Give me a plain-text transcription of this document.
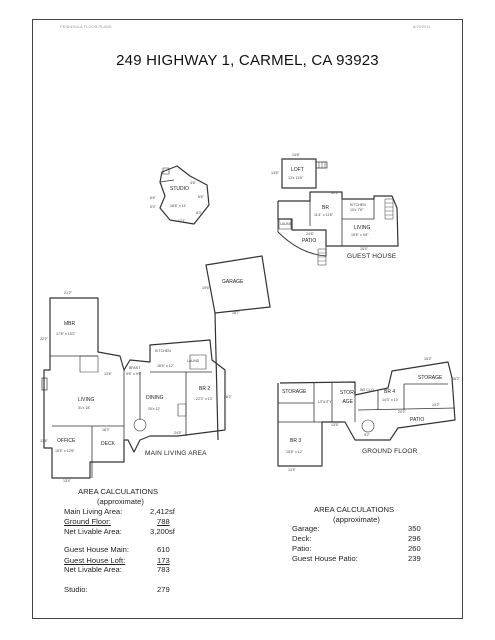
PENINSULA FLOOR PLANS	6/15/2011
249 HIGHWAY 1, CARMEL, CA 93923
STUDIO
18'8" x 11'
6'6"
5'0"
12'1"
8'3"
6'6"
4'6"
LOFT
13'x 14'6"
13'8"
13'6"
41'2"
BR
11'4" x 11'6"
KITCHEN
10'x 7'6"
LIVING
15'6" x 9'8"
PATIO
24'8"
LAUND
15'4"
GUEST HOUSE
GARAGE
19'6"
18'7"
21'2"
MBR
17'8" x 15'2"
22'2"
LIVING
31'x 18'
13'6"
OFFICE
15'5" x 12'6"
13'4"
DECK
18'3"
BFAST
9'6" x 9'6"
KITCHEN
16'6" x 12'
DINING
20'x 12'
BR 2
22'3" x 13'
LAUND
28'2"
24'5"
13'8"
MAIN LIVING AREA
STORAGE	STOR-
AGE
BR 4
14'3" x 10'
STORAGE
UTILITY
W/I CLO
BR 3
15'8" x 12'
PATIO
20'2"
15'2"
16'2"
13'5"
13'4"
10'2"
5'2"
GROUND FLOOR
AREA CALCULATIONS
(approximate)
Main Living Area:	2,412sf
Ground Floor:	788
Net Livable Area:	3,200sf
Guest House Main:	610
Guest House Loft:	173
Net Livable Area:	783
Studio:	279
AREA CALCULATIONS
(approximate)
Garage:	350
Deck:	296
Patio:	260
Guest House Patio:	239
